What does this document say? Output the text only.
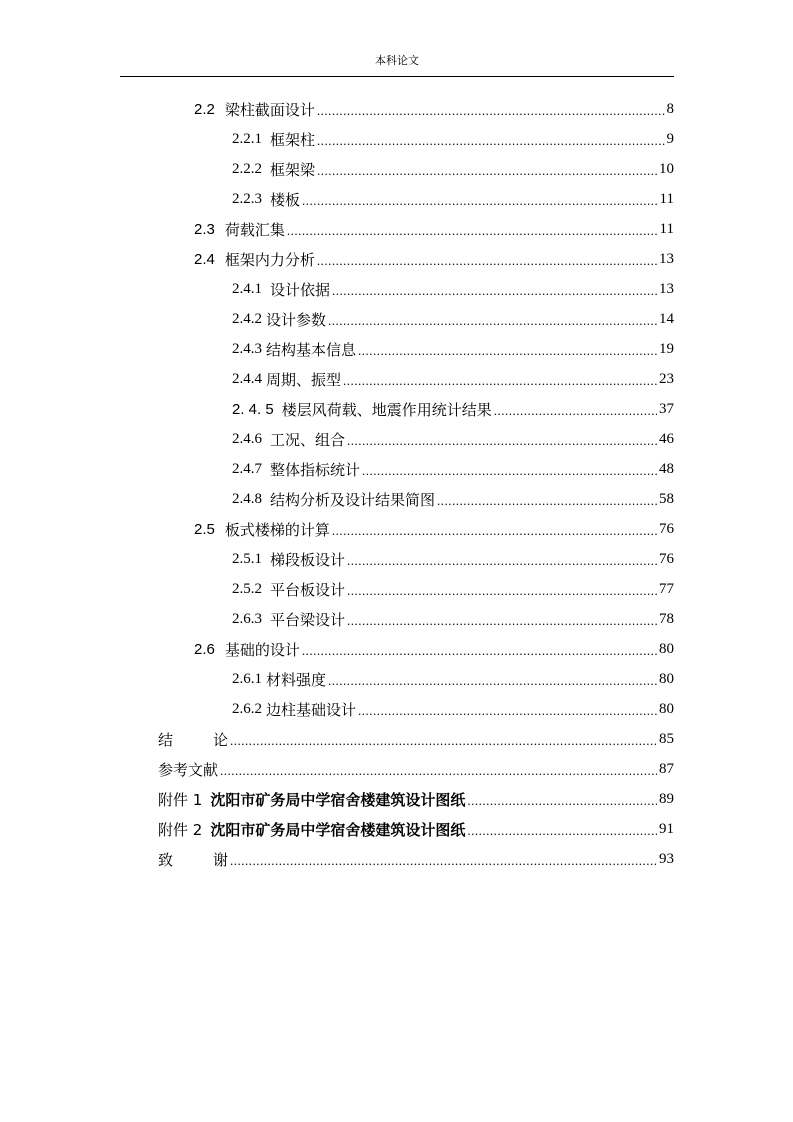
本科论文
2.2 梁柱截面设计 .....	8
2.2.1 框架柱 .....	9
2.2.2 框架梁 .....	10
2.2.3 楼板 .....	11
2.3 荷载汇集 .....	11
2.4 框架内力分析 .....	13
2.4.1 设计依据 .....	13
2.4.2 设计参数 .....	14
2.4.3 结构基本信息 .....	19
2.4.4 周期、振型 .....	23
2. 4. 5 楼层风荷载、地震作用统计结果 .....	37
2.4.6 工况、组合 .....	46
2.4.7 整体指标统计 .....	48
2.4.8 结构分析及设计结果简图 .....	58
2.5 板式楼梯的计算 .....	76
2.5.1 梯段板设计 .....	76
2.5.2 平台板设计 .....	77
2.6.3 平台梁设计 .....	78
2.6 基础的设计 .....	80
2.6.1 材料强度 .....	80
2.6.2 边柱基础设计 .....	80
结	论 .....	85
参考文献 .....	87
附件 1 沈阳市矿务局中学宿舍楼建筑设计图纸 .....	89
附件 2 沈阳市矿务局中学宿舍楼建筑设计图纸 .....	91
致	谢 .....	93
